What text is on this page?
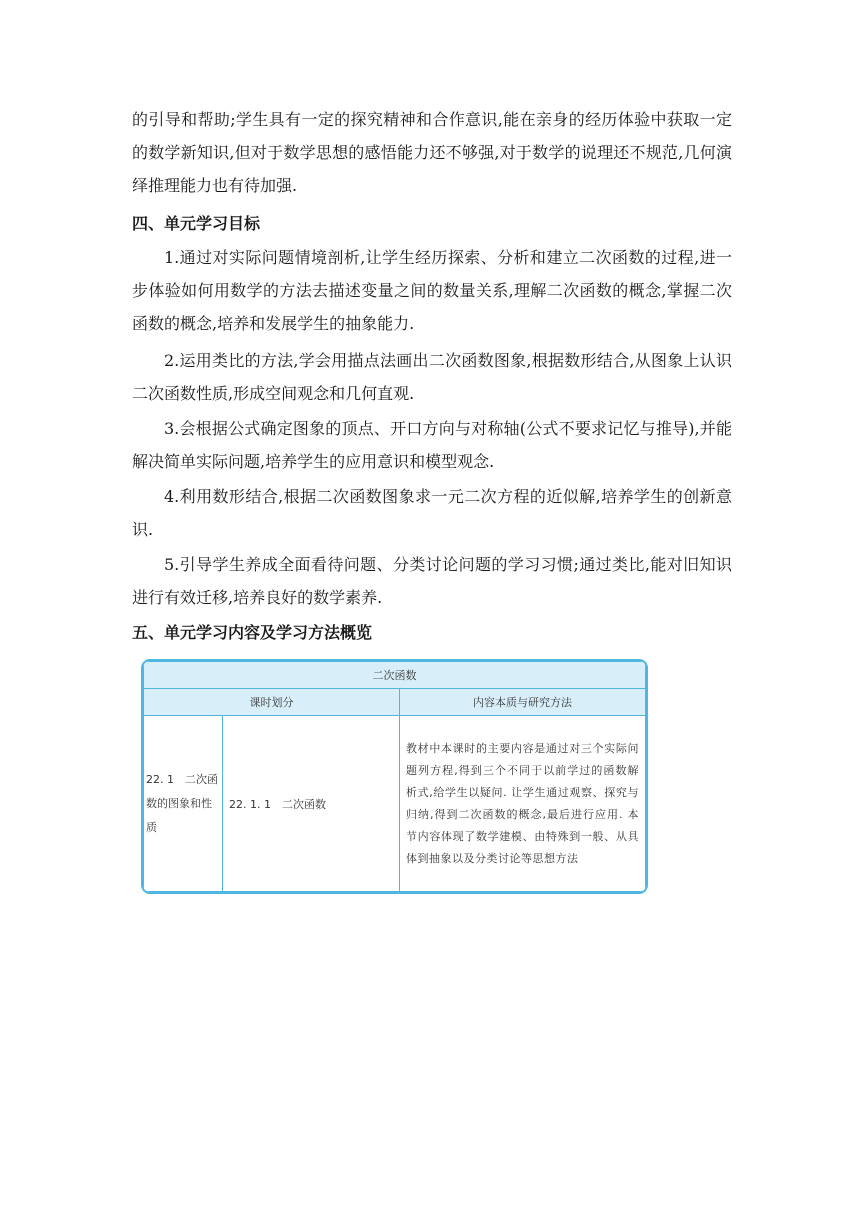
的引导和帮助;学生具有一定的探究精神和合作意识,能在亲身的经历体验中获取一定的数学新知识,但对于数学思想的感悟能力还不够强,对于数学的说理还不规范,几何演绎推理能力也有待加强.
四、单元学习目标
1.通过对实际问题情境剖析,让学生经历探索、分析和建立二次函数的过程,进一步体验如何用数学的方法去描述变量之间的数量关系,理解二次函数的概念,掌握二次函数的概念,培养和发展学生的抽象能力.
2.运用类比的方法,学会用描点法画出二次函数图象,根据数形结合,从图象上认识二次函数性质,形成空间观念和几何直观.
3.会根据公式确定图象的顶点、开口方向与对称轴(公式不要求记忆与推导),并能解决简单实际问题,培养学生的应用意识和模型观念.
4.利用数形结合,根据二次函数图象求一元二次方程的近似解,培养学生的创新意识.
5.引导学生养成全面看待问题、分类讨论问题的学习习惯;通过类比,能对旧知识进行有效迁移,培养良好的数学素养.
五、单元学习内容及学习方法概览
二次函数		
课时划分		内容本质与研究方法
22. 1　二次函数的图象和性质	22. 1. 1　二次函数	教材中本课时的主要内容是通过对三个实际问题列方程,得到三个不同于以前学过的函数解析式,给学生以疑问. 让学生通过观察、探究与归纳,得到二次函数的概念,最后进行应用. 本节内容体现了数学建模、由特殊到一般、从具体到抽象以及分类讨论等思想方法
